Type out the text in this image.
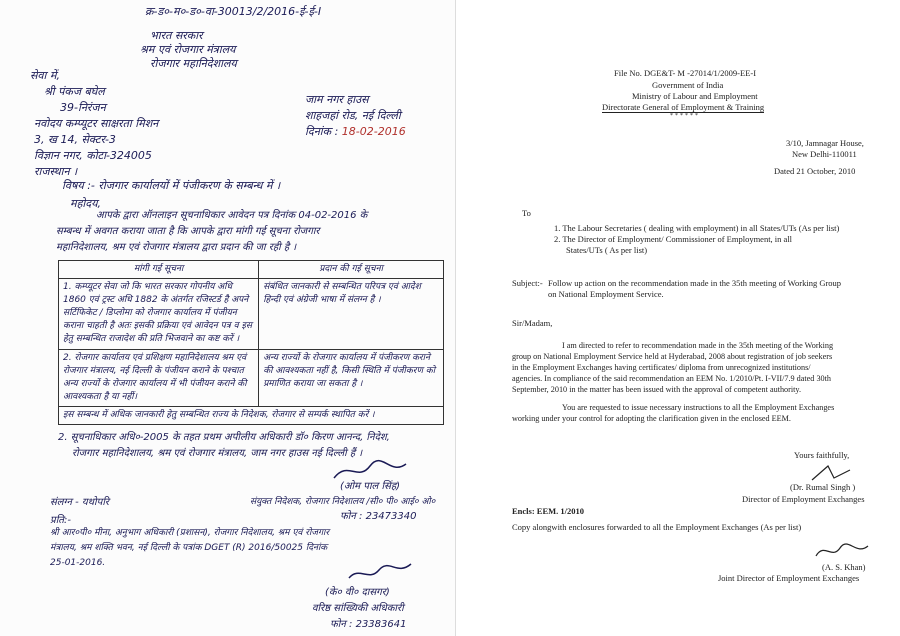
क्र-ड०-म०-ड०-वा-30013/2/2016-ई-ई-I
भारत सरकार
श्रम एवं रोजगार मंत्रालय
रोजगार महानिदेशालय
सेवा में,
श्री पंकज बघेल
39-निरंजन
नवोदय कम्प्यूटर साक्षरता मिशन
3, ख 14, सेक्टर-3
विज्ञान नगर, कोटा-324005
राजस्थान ।
जाम नगर हाउस
शाहजहां रोड, नई दिल्ली
दिनांक : 18-02-2016
विषय :- रोजगार कार्यालयों में पंजीकरण के सम्बन्ध में ।
महोदय,
आपके द्वारा ऑनलाइन सूचनाधिकार आवेदन पत्र दिनांक 04-02-2016 के
सम्बन्ध में अवगत कराया जाता है कि आपके द्वारा मांगी गई सूचना रोजगार
महानिदेशालय, श्रम एवं रोजगार मंत्रालय द्वारा प्रदान की जा रही है ।
मांगी गई सूचना	प्रदान की गई सूचना
1. कम्प्यूटर सेवा जो कि भारत सरकार गोपनीय अधि 1860 एवं ट्रस्ट अधि 1882 के अंतर्गत रजिस्टर्ड है अपने सर्टिफिकेट / डिप्लोमा को रोजगार कार्यालय में पंजीयन कराना चाहती है अतः इसकी प्रक्रिया एवं आवेदन पत्र व इस हेतु सम्बन्धित राजादेश की प्रति भिजवाने का कष्ट करें ।	संबंधित जानकारी से सम्बन्धित परिपत्र एवं आदेश हिन्दी एवं अंग्रेजी भाषा में संलग्न है ।
2. रोजगार कार्यालय एवं प्रशिक्षण महानिदेशालय श्रम एवं रोजगार मंत्रालय, नई दिल्ली के पंजीयन कराने के पश्चात अन्य राज्यों के रोजगार कार्यालय में भी पंजीयन कराने की आवश्यकता है या नहीं।	अन्य राज्यों के रोजगार कार्यालय में पंजीकरण कराने की आवश्यकता नहीं है, किसी स्थिति में पंजीकरण को प्रमाणित कराया जा सकता है ।
इस सम्बन्ध में अधिक जानकारी हेतु सम्बन्धित राज्य के निदेशक, रोजगार से सम्पर्क स्थापित करें ।	
2. सूचनाधिकार अधि०-2005 के तहत प्रथम अपीलीय अधिकारी डॉ० किरण आनन्द, निदेश,
रोजगार महानिदेशालय, श्रम एवं रोजगार मंत्रालय, जाम नगर हाउस नई दिल्ली हैं ।
(ओम पाल सिंह)
संयुक्त निदेशक, रोजगार निदेशालय /सी० पी० आई० ओ०
फोन : 23473340
संलग्न - यथोपरि
प्रति:-
श्री आर०पी० मीना, अनुभाग अधिकारी (प्रशासन), रोजगार निदेशालय, श्रम एवं रोजगार
मंत्रालय, श्रम शक्ति भवन, नई दिल्ली के पत्रांक DGET (R) 2016/50025 दिनांक
25-01-2016.
(के० वी० दासगर)
वरिष्ठ सांख्यिकी अधिकारी
फोन : 23383641
File No. DGE&T- M -27014/1/2009-EE-I
Government of India
Ministry of Labour and Employment
Directorate General of Employment & Training
******
3/10, Jamnagar House,
New Delhi-110011
Dated 21 October, 2010
To
1. The Labour Secretaries ( dealing with employment) in all States/UTs (As per list)
2. The Director of Employment/ Commissioner of Employment, in all
States/UTs ( As per list)
Subject:- Follow up action on the recommendation made in the 35th meeting of Working Group
on National Employment Service.
Sir/Madam,
I am directed to refer to recommendation made in the 35th meeting of the Working
group on National Employment Service held at Hyderabad, 2008 about registration of job seekers
in the Employment Exchanges having certificates/ diploma from unrecognized institutions/
agencies. In compliance of the said recommendation an EEM No. 1/2010/Pt. I-VII/7.9 dated 30th
September, 2010 in the matter has been issued with the approval of competent authority.
You are requested to issue necessary instructions to all the Employment Exchanges
working under your control for adopting the clarification given in the enclosed EEM.
Yours faithfully,
(Dr. Rumal Singh )
Director of Employment Exchanges
Encls: EEM. 1/2010
Copy alongwith enclosures forwarded to all the Employment Exchanges (As per list)
(A. S. Khan)
Joint Director of Employment Exchanges
